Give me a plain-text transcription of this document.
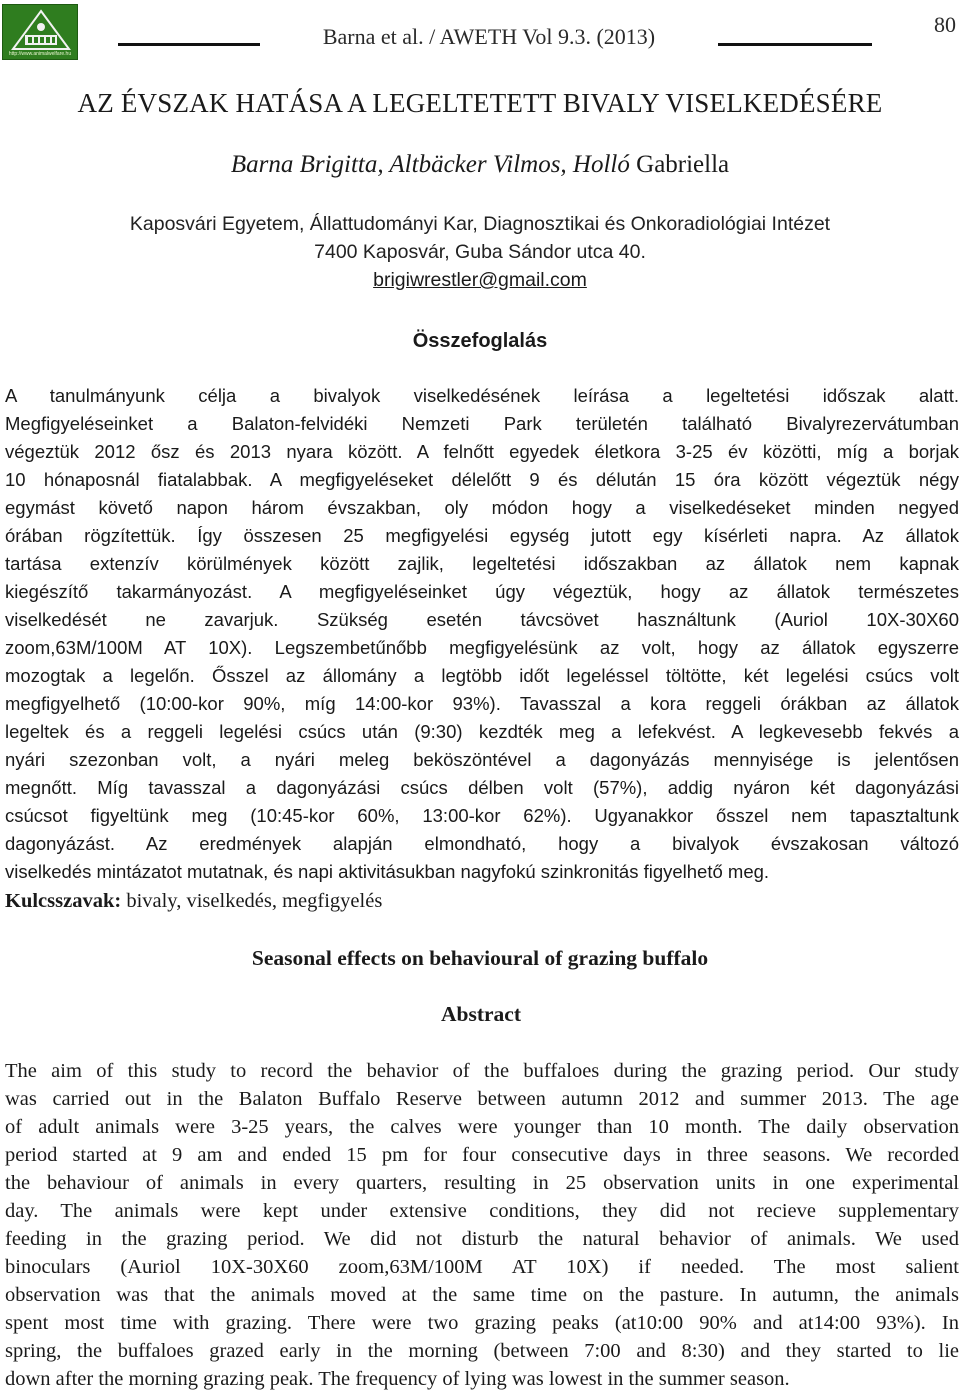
http://www.animalwelfare.hu
Barna et al. / AWETH Vol 9.3. (2013)	80
AZ ÉVSZAK HATÁSA A LEGELTETETT BIVALY VISELKEDÉSÉRE
Barna Brigitta, Altbäcker Vilmos, Holló Gabriella
Kaposvári Egyetem, Állattudományi Kar, Diagnosztikai és Onkoradiológiai Intézet
7400 Kaposvár, Guba Sándor utca 40.
brigiwrestler@gmail.com
Összefoglalás
A tanulmányunk célja a bivalyok viselkedésének leírása a legeltetési időszak alatt.
Megfigyeléseinket a Balaton-felvidéki Nemzeti Park területén található Bivalyrezervátumban
végeztük 2012 ősz és 2013 nyara között. A felnőtt egyedek életkora 3-25 év közötti, míg a borjak
10 hónaposnál fiatalabbak. A megfigyeléseket délelőtt 9 és délután 15 óra között végeztük négy
egymást követő napon három évszakban, oly módon hogy a viselkedéseket minden negyed
órában rögzítettük. Így összesen 25 megfigyelési egység jutott egy kísérleti napra. Az állatok
tartása extenzív körülmények között zajlik, legeltetési időszakban az állatok nem kapnak
kiegészítő takarmányozást. A megfigyeléseinket úgy végeztük, hogy az állatok természetes
viselkedését ne zavarjuk. Szükség esetén távcsövet használtunk (Auriol 10X-30X60
zoom,63M/100M AT 10X). Legszembetűnőbb megfigyelésünk az volt, hogy az állatok egyszerre
mozogtak a legelőn. Ősszel az állomány a legtöbb időt legeléssel töltötte, két legelési csúcs volt
megfigyelhető (10:00-kor 90%, míg 14:00-kor 93%). Tavasszal a kora reggeli órákban az állatok
legeltek és a reggeli legelési csúcs után (9:30) kezdték meg a lefekvést. A legkevesebb fekvés a
nyári szezonban volt, a nyári meleg beköszöntével a dagonyázás mennyisége is jelentősen
megnőtt. Míg tavasszal a dagonyázási csúcs délben volt (57%), addig nyáron két dagonyázási
csúcsot figyeltünk meg (10:45-kor 60%, 13:00-kor 62%). Ugyanakkor ősszel nem tapasztaltunk
dagonyázást. Az eredmények alapján elmondható, hogy a bivalyok évszakosan változó
viselkedés mintázatot mutatnak, és napi aktivitásukban nagyfokú szinkronitás figyelhető meg.
Kulcsszavak: bivaly, viselkedés, megfigyelés
Seasonal effects on behavioural of grazing buffalo
Abstract
The aim of this study to record the behavior of the buffaloes during the grazing period. Our study
was carried out in the Balaton Buffalo Reserve between autumn 2012 and summer 2013. The age
of adult animals were 3-25 years, the calves were younger than 10 month. The daily observation
period started at 9 am and ended 15 pm for four consecutive days in three seasons. We recorded
the behaviour of animals in every quarters, resulting in 25 observation units in one experimental
day. The animals were kept under extensive conditions, they did not recieve supplementary
feeding in the grazing period. We did not disturb the natural behavior of animals. We used
binoculars (Auriol 10X-30X60 zoom,63M/100M AT 10X) if needed. The most salient
observation was that the animals moved at the same time on the pasture. In autumn, the animals
spent most time with grazing. There were two grazing peaks (at10:00 90% and at14:00 93%). In
spring, the buffaloes grazed early in the morning (between 7:00 and 8:30) and they started to lie
down after the morning grazing peak. The frequency of lying was lowest in the summer season.
